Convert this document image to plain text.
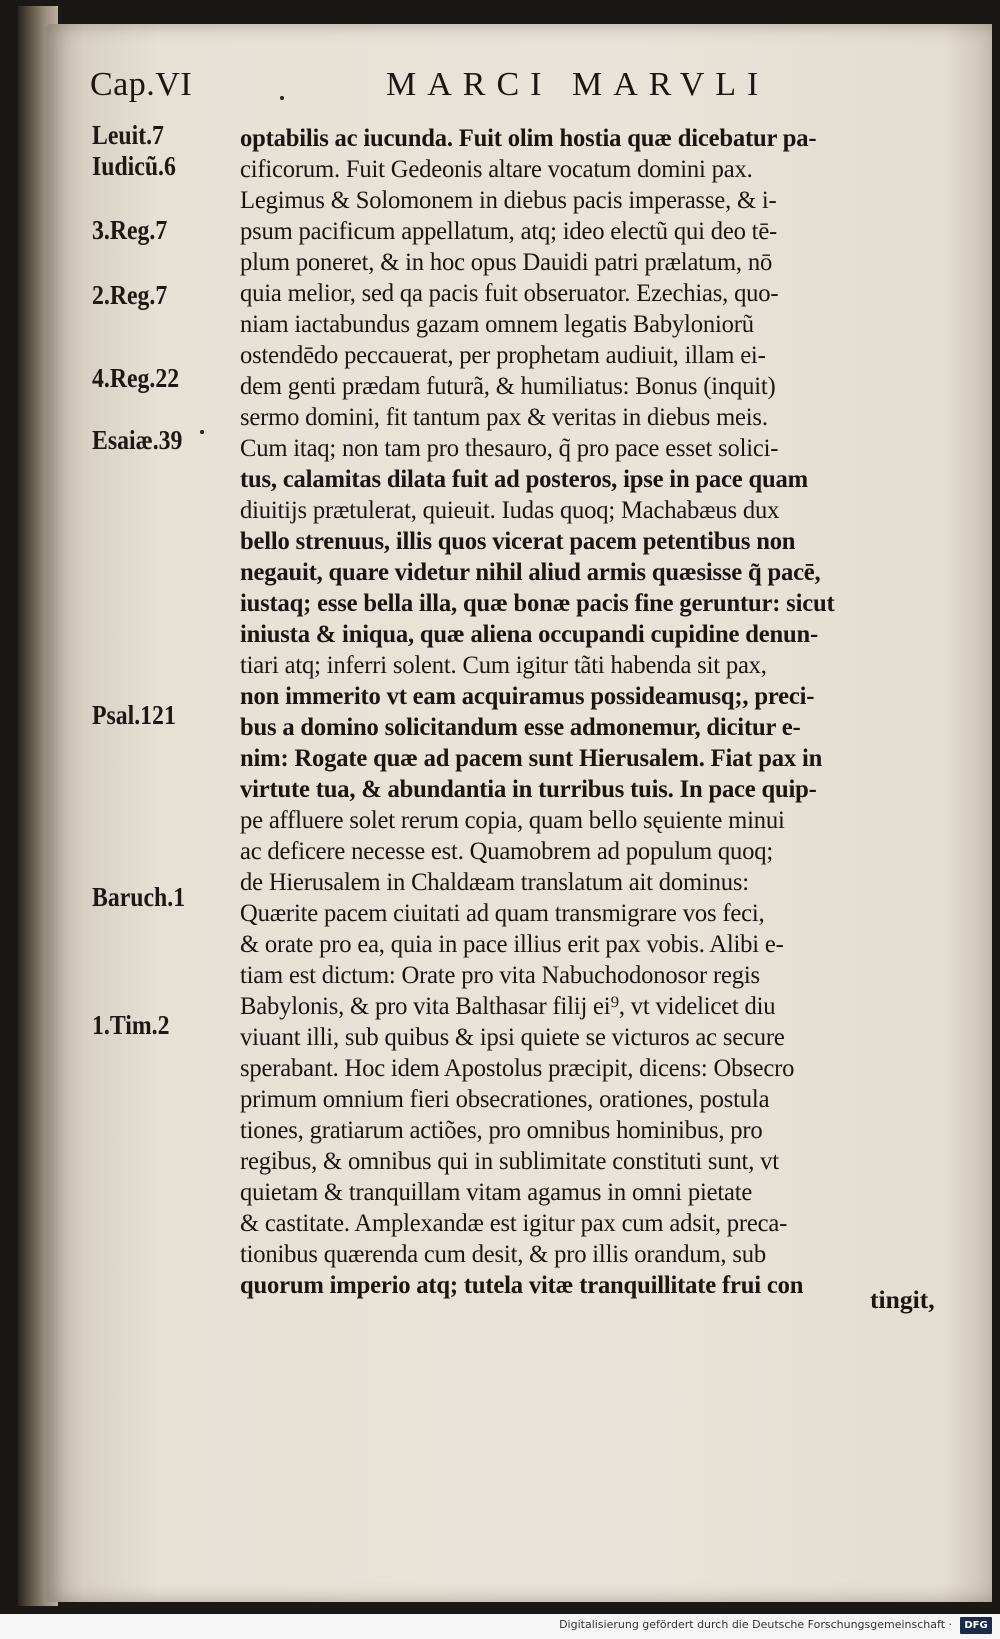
Cap.VI	MARCI MARVLI
Leuit.7
Iudicũ.6
3.Reg.7
2.Reg.7
4.Reg.22
Esaiæ.39
Psal.121
Baruch.1
1.Tim.2
optabilis ac iucunda. Fuit olim hostia quæ dicebatur pa-
cificorum. Fuit Gedeonis altare vocatum domini pax.
Legimus & Solomonem in diebus pacis imperasse, & i-
psum pacificum appellatum, atq; ideo electũ qui deo tē-
plum poneret, & in hoc opus Dauidi patri prælatum, nō
quia melior, sed qa pacis fuit obseruator. Ezechias, quo-
niam iactabundus gazam omnem legatis Babyloniorũ
ostendēdo peccauerat, per prophetam audiuit, illam ei-
dem genti prædam futurã, & humiliatus: Bonus (inquit)
sermo domini, fit tantum pax & veritas in diebus meis.
Cum itaq; non tam pro thesauro, q̃ pro pace esset solici-
tus, calamitas dilata fuit ad posteros, ipse in pace quam
diuitijs prætulerat, quieuit. Iudas quoq; Machabæus dux
bello strenuus, illis quos vicerat pacem petentibus non
negauit, quare videtur nihil aliud armis quæsisse q̃ pacē,
iustaq; esse bella illa, quæ bonæ pacis fine geruntur: sicut
iniusta & iniqua, quæ aliena occupandi cupidine denun-
tiari atq; inferri solent. Cum igitur tãti habenda sit pax,
non immerito vt eam acquiramus possideamusq;, preci-
bus a domino solicitandum esse admonemur, dicitur e-
nim: Rogate quæ ad pacem sunt Hierusalem. Fiat pax in
virtute tua, & abundantia in turribus tuis. In pace quip-
pe affluere solet rerum copia, quam bello sęuiente minui
ac deficere necesse est. Quamobrem ad populum quoq;
de Hierusalem in Chaldæam translatum ait dominus:
Quærite pacem ciuitati ad quam transmigrare vos feci,
& orate pro ea, quia in pace illius erit pax vobis. Alibi e-
tiam est dictum: Orate pro vita Nabuchodonosor regis
Babylonis, & pro vita Balthasar filij ei⁹, vt videlicet diu
viuant illi, sub quibus & ipsi quiete se victuros ac secure
sperabant. Hoc idem Apostolus præcipit, dicens: Obsecro
primum omnium fieri obsecrationes, orationes, postula
tiones, gratiarum actiões, pro omnibus hominibus, pro
regibus, & omnibus qui in sublimitate constituti sunt, vt
quietam & tranquillam vitam agamus in omni pietate
& castitate. Amplexandæ est igitur pax cum adsit, preca-
tionibus quærenda cum desit, & pro illis orandum, sub
quorum imperio atq; tutela vitæ tranquillitate frui con
tingit,
Digitalisierung gefördert durch die Deutsche Forschungsgemeinschaft ·	DFG
